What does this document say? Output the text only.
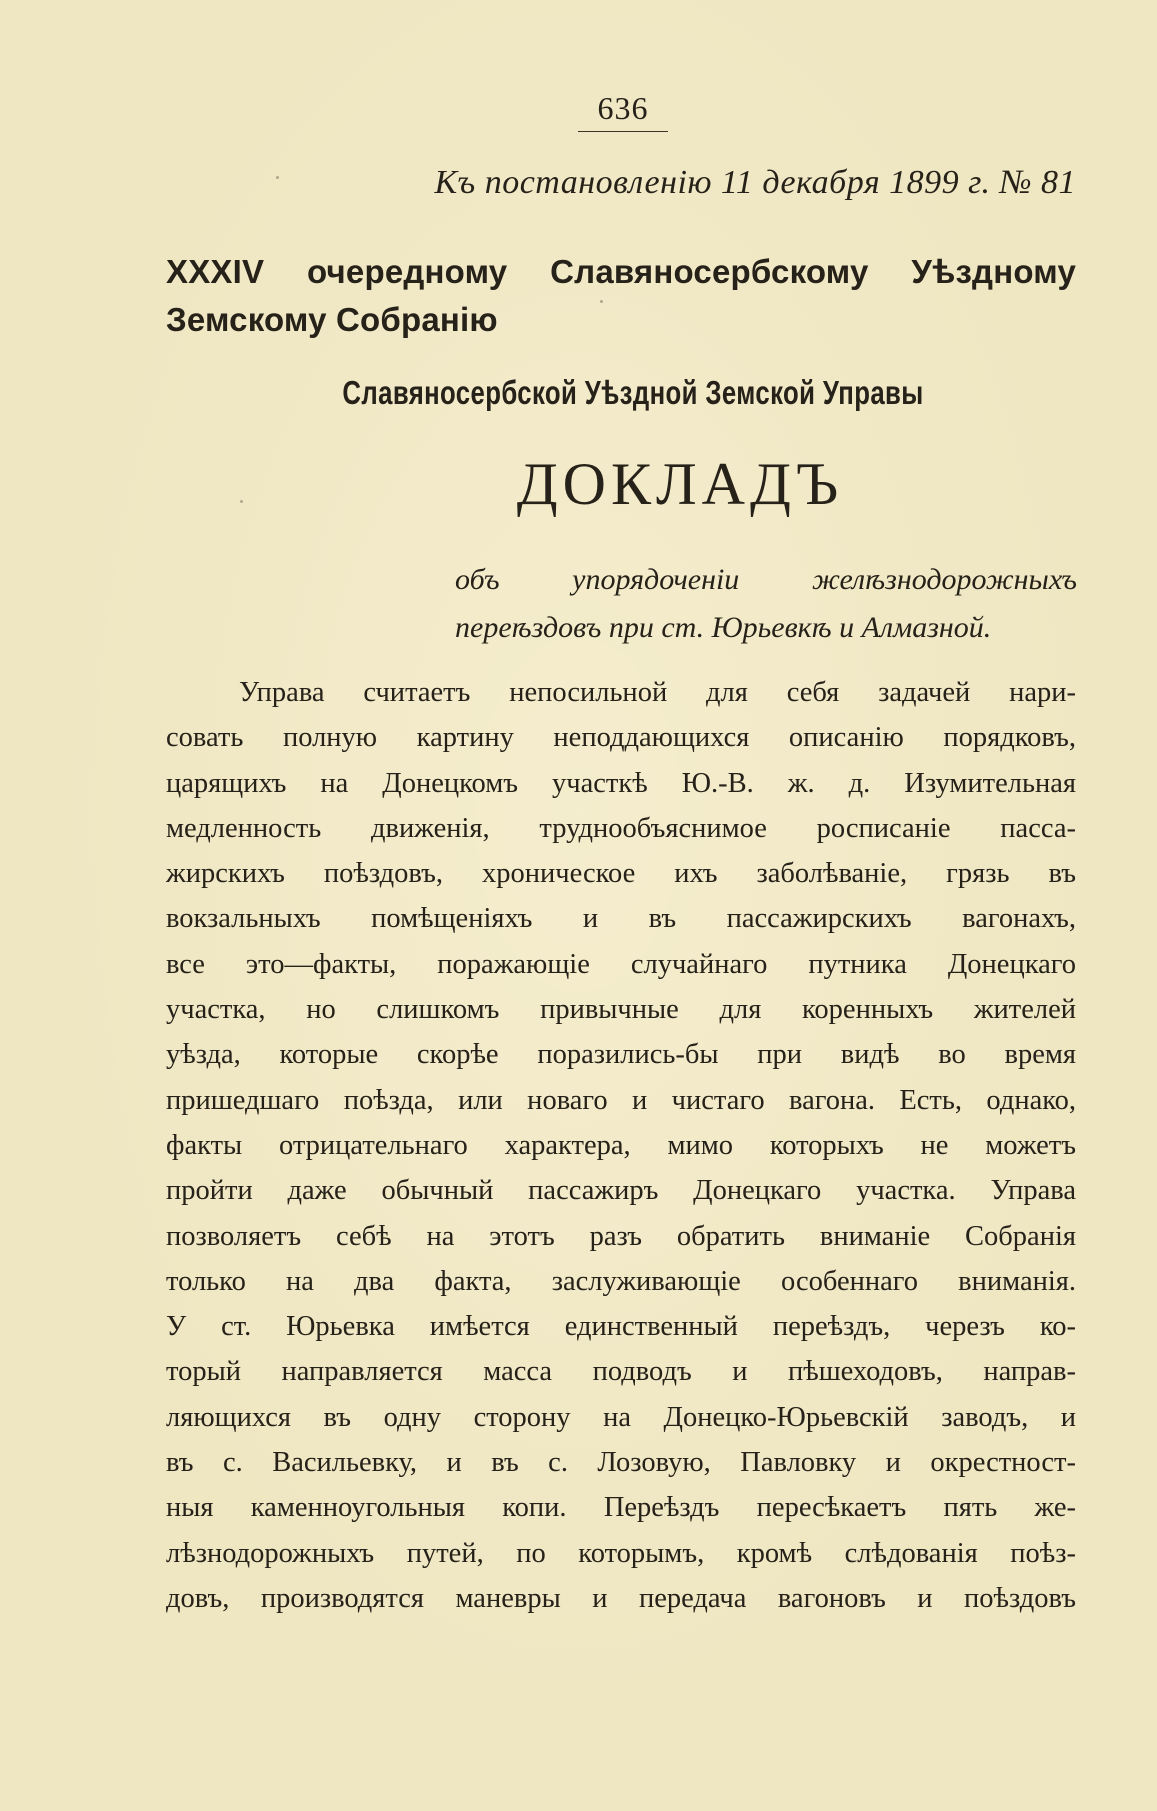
636
Къ постановленію 11 декабря 1899 г. № 81
XXXIV очередному Славяносербскому Уѣздному Земскому Собранію
Славяносербской Уѣздной Земской Управы
ДОКЛАДЪ
объ упорядоченіи желѣзнодорожныхъ переѣздовъ при ст. Юрьевкѣ и Алмазной.
Управа считаетъ непосильной для себя задачей нари-
совать полную картину неподдающихся описанію порядковъ,
царящихъ на Донецкомъ участкѣ Ю.-В. ж. д. Изумительная
медленность движенія, труднообъяснимое росписаніе пасса-
жирскихъ поѣздовъ, хроническое ихъ заболѣваніе, грязь въ
вокзальныхъ помѣщеніяхъ и въ пассажирскихъ вагонахъ,
все это—факты, поражающіе случайнаго путника Донецкаго
участка, но слишкомъ привычные для коренныхъ жителей
уѣзда, которые скорѣе поразились-бы при видѣ во время
пришедшаго поѣзда, или новаго и чистаго вагона. Есть, однако,
факты отрицательнаго характера, мимо которыхъ не можетъ
пройти даже обычный пассажиръ Донецкаго участка. Управа
позволяетъ себѣ на этотъ разъ обратить вниманіе Собранія
только на два факта, заслуживающіе особеннаго вниманія.
У ст. Юрьевка имѣется единственный переѣздъ, черезъ ко-
торый направляется масса подводъ и пѣшеходовъ, направ-
ляющихся въ одну сторону на Донецко-Юрьевскій заводъ, и
въ с. Васильевку, и въ с. Лозовую, Павловку и окрестност-
ныя каменноугольныя копи. Переѣздъ пересѣкаетъ пять же-
лѣзнодорожныхъ путей, по которымъ, кромѣ слѣдованія поѣз-
довъ, производятся маневры и передача вагоновъ и поѣздовъ
